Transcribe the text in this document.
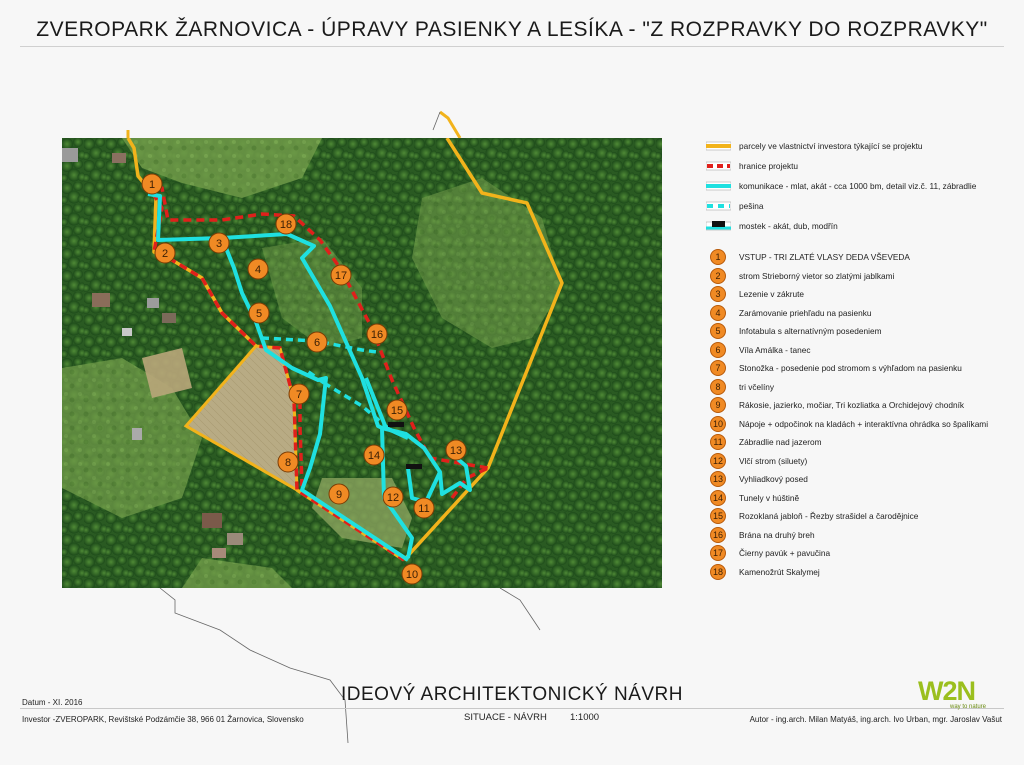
ZVEROPARK ŽARNOVICA - ÚPRAVY PASIENKY A LESÍKA - "Z ROZPRAVKY DO ROZPRAVKY"
1
2
3
4
5
6
7
8
9
10
11
12
13
14
15
16
17
18
parcely ve vlastnictví investora týkající se projektu
hranice projektu
komunikace - mlat, akát - cca 1000 bm, detail viz.č. 11, zábradlie
pešina
mostek - akát, dub, modřín
1	VSTUP - TRI ZLATÉ VLASY DEDA VŠEVEDA
2	strom Strieborný vietor so zlatými jablkami
3	Lezenie v zákrute
4	Zarámovanie priehľadu na pasienku
5	Infotabula s alternatívným posedeniem
6	Víla Amálka - tanec
7	Stonožka - posedenie pod stromom s výhľadom na pasienku
8	tri včelíny
9	Rákosie, jazierko, močiar, Tri kozliatka a Orchidejový chodník
10	Nápoje + odpočinok na kladách + interaktívna ohrádka so špalíkami
11	Zábradlie nad jazerom
12	Vlčí strom (siluety)
13	Vyhliadkový posed
14	Tunely v húštinĕ
15	Rozoklaná jabloň - Řezby strašidel a čarodějnice
16	Brána na druhý breh
17	Čierny pavúk + pavučina
18	Kamenožrút Skalymej
IDEOVÝ ARCHITEKTONICKÝ NÁVRH
Datum - XI. 2016
Investor -ZVEROPARK, Revištské Podzámčie 38, 966 01 Žarnovica, Slovensko	SITUACE - NÁVRH 1:1000	Autor - ing.arch. Milan Matyáš, ing.arch. Ivo Urban, mgr. Jaroslav Vašut
W2N
way to nature
